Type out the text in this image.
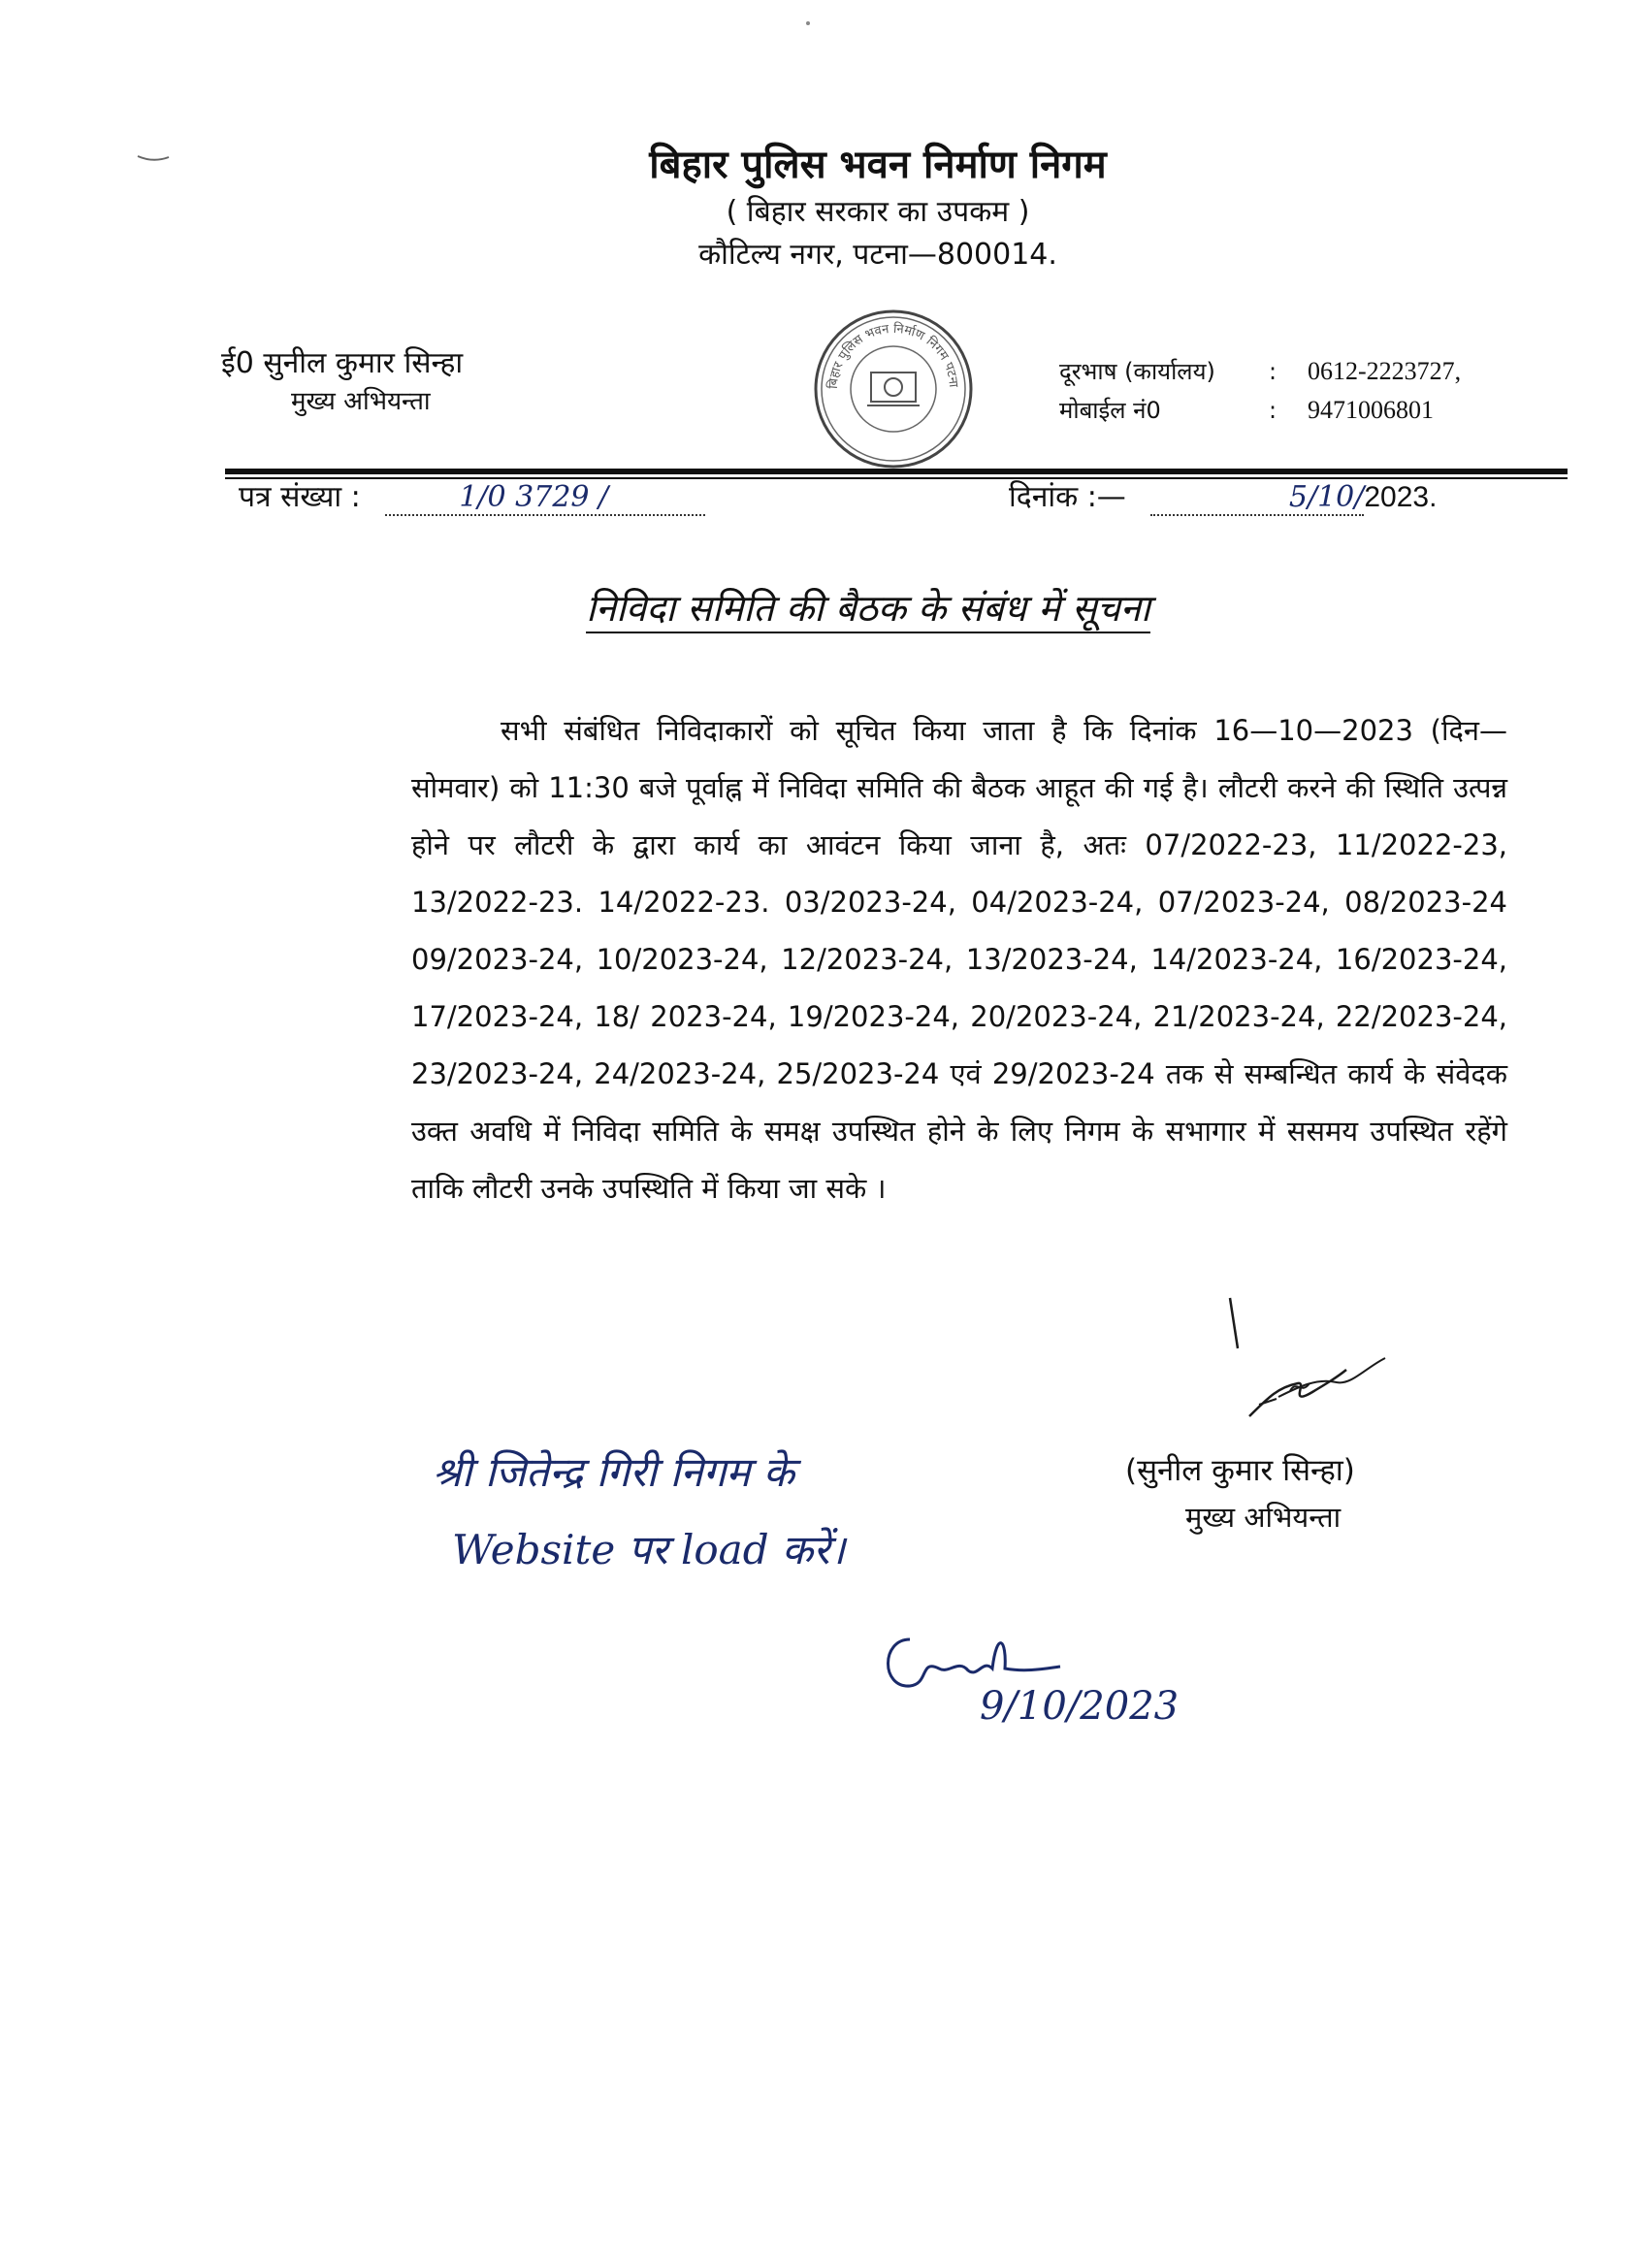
बिहार पुलिस भवन निर्माण निगम
( बिहार सरकार का उपकम )
कौटिल्य नगर, पटना—800014.
ई0 सुनील कुमार सिन्हा
मुख्य अभियन्ता
बिहार पुलिस भवन निर्माण निगम पटना	दूरभाष (कार्यालय)	:	0612-2223727,
मोबाईल नं0	:	9471006801
पत्र संख्या :	1/0 3729 /	दिनांक :—	5/10/2023.
निविदा समिति की बैठक के संबंध में सूचना
सभी संबंधित निविदाकारों को सूचित किया जाता है कि दिनांक 16—10—2023 (दिन— सोमवार) को 11:30 बजे पूर्वाह्न में निविदा समिति की बैठक आहूत की गई है। लौटरी करने की स्थिति उत्पन्न होने पर लौटरी के द्वारा कार्य का आवंटन किया जाना है, अतः 07/2022-23, 11/2022-23, 13/2022-23. 14/2022-23. 03/2023-24, 04/2023-24, 07/2023-24, 08/2023-24 09/2023-24, 10/2023-24, 12/2023-24, 13/2023-24, 14/2023-24, 16/2023-24, 17/2023-24, 18/ 2023-24, 19/2023-24, 20/2023-24, 21/2023-24, 22/2023-24, 23/2023-24, 24/2023-24, 25/2023-24 एवं 29/2023-24 तक से सम्बन्धित कार्य के संवेदक उक्त अवधि में निविदा समिति के समक्ष उपस्थित होने के लिए निगम के सभागार में ससमय उपस्थित रहेंगे ताकि लौटरी उनके उपस्थिति में किया जा सके ।
(सुनील कुमार सिन्हा)
मुख्य अभियन्ता
श्री जितेन्द्र गिरी निगम के
Website पर load करें।
9/10/2023
